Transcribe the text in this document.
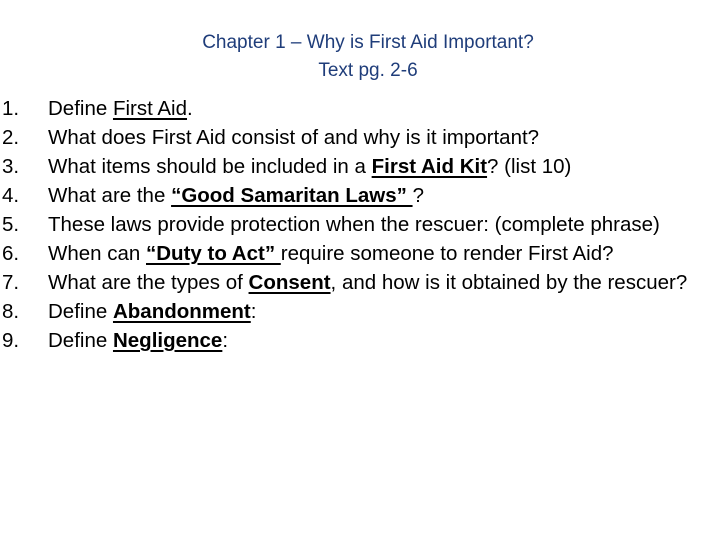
Chapter 1 – Why is First Aid Important?
Text pg. 2-6
1.	Define First Aid.
2.	What does First Aid consist of and why is it important?
3.	What items should be included in a First Aid Kit? (list 10)
4.	What are the “Good Samaritan Laws” ?
5.	These laws provide protection when the rescuer: (complete phrase)
6.	When can “Duty to Act” require someone to render First Aid?
7.	What are the types of Consent, and how is it obtained by the rescuer?
8.	Define Abandonment:
9.	Define Negligence:
